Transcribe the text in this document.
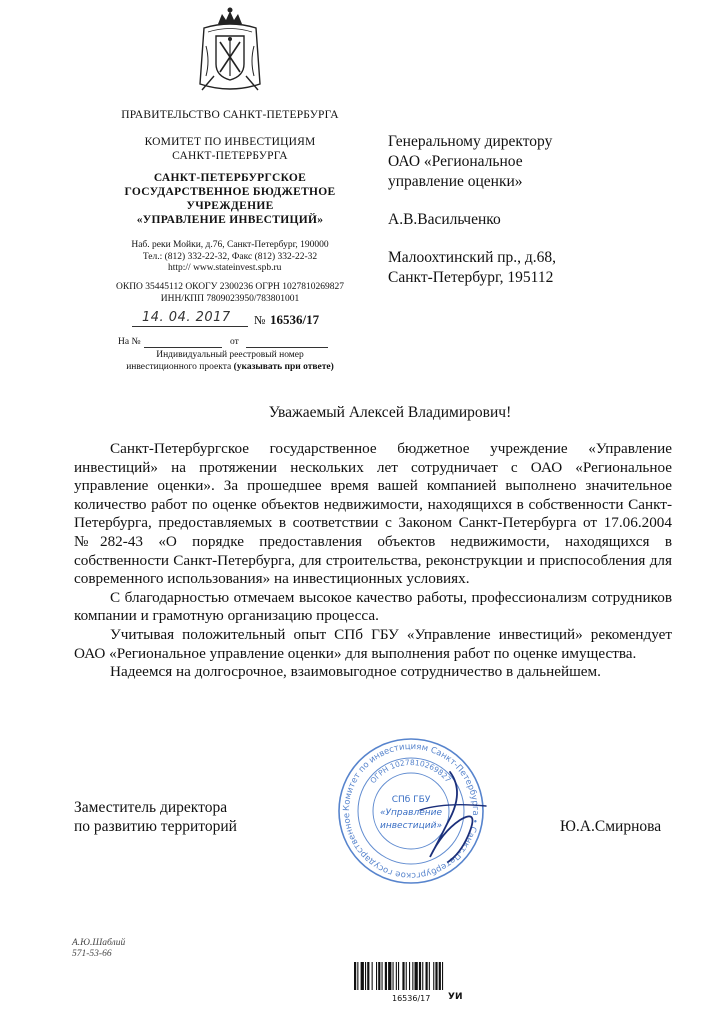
ПРАВИТЕЛЬСТВО САНКТ-ПЕТЕРБУРГА
КОМИТЕТ ПО ИНВЕСТИЦИЯМ
САНКТ-ПЕТЕРБУРГА
САНКТ-ПЕТЕРБУРГСКОЕ
ГОСУДАРСТВЕННОЕ БЮДЖЕТНОЕ
УЧРЕЖДЕНИЕ
«УПРАВЛЕНИЕ ИНВЕСТИЦИЙ»
Наб. реки Мойки, д.76, Санкт-Петербург, 190000
Тел.: (812) 332-22-32, Факс (812) 332-22-32
http:// www.stateinvest.spb.ru
ОКПО 35445112 ОКОГУ 2300236 ОГРН 1027810269827
ИНН/КПП 7809023950/783801001
14. 04. 2017 № 16536/17
На №	от
Индивидуальный реестровый номер
инвестиционного проекта (указывать при ответе)
Генеральному директору
ОАО «Региональное
управление оценки»
А.В.Васильченко
Малоохтинский пр., д.68,
Санкт-Петербург, 195112
Уважаемый Алексей Владимирович!

Санкт-Петербургское государственное бюджетное учреждение «Управление инвестиций» на протяжении нескольких лет сотрудничает с ОАО «Региональное управление оценки». За прошедшее время вашей компанией выполнено значительное количество работ по оценке объектов недвижимости, находящихся в собственности Санкт-Петербурга, предоставляемых в соответствии с Законом Санкт-Петербурга от 17.06.2004 №282-43 «О порядке предоставления объектов недвижимости, находящихся в собственности Санкт-Петербурга, для строительства, реконструкции и приспособления для современного использования» на инвестиционных условиях.

С благодарностью отмечаем высокое качество работы, профессионализм сотрудников компании и грамотную организацию процесса.

Учитывая положительный опыт СПб ГБУ «Управление инвестиций» рекомендует ОАО «Региональное управление оценки» для выполнения работ по оценке имущества.

Надеемся на долгосрочное, взаимовыгодное сотрудничество в дальнейшем.

Комитет по инвестициям Санкт-Петербурга • Санкт-Петербургское государственное
ОГРН 1027810269827
СПб ГБУ
«Управление
инвестиций»
Заместитель директора
по развитию территорий	Ю.А.Смирнова
А.Ю.Шаблий
571-53-66
16536/17 УИ
